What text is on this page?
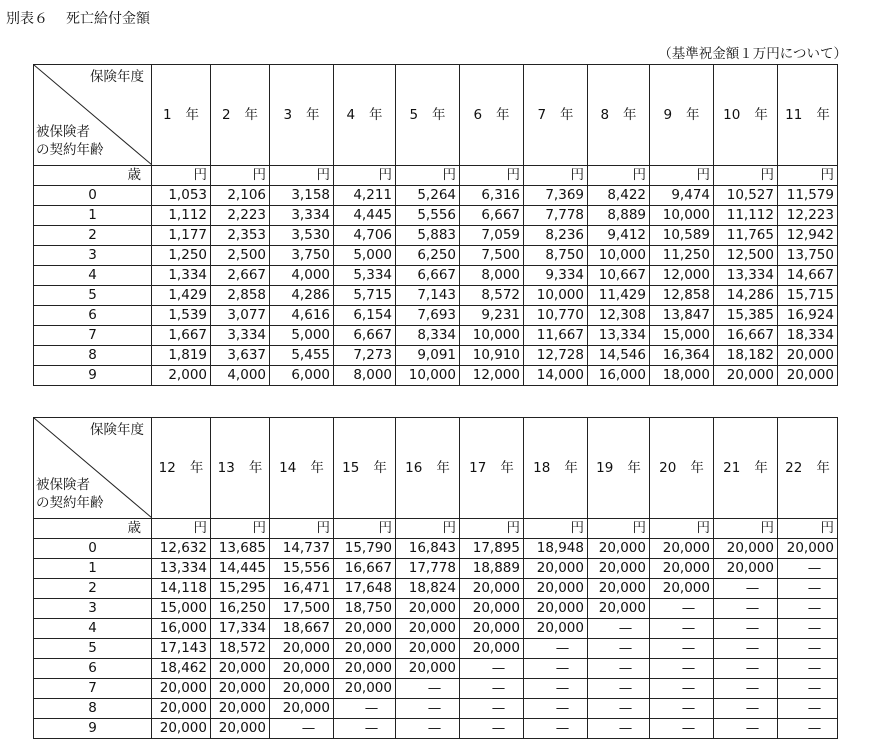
別表６ 死亡給付金額
（基準祝金額１万円について）
保険年度
被保険者
の契約年齢	1 年	2 年	3 年	4 年	5 年	6 年	7 年	8 年	9 年	10 年	11 年
歳	円	円	円	円	円	円	円	円	円	円	円
0	1,053	2,106	3,158	4,211	5,264	6,316	7,369	8,422	9,474	10,527	11,579
1	1,112	2,223	3,334	4,445	5,556	6,667	7,778	8,889	10,000	11,112	12,223
2	1,177	2,353	3,530	4,706	5,883	7,059	8,236	9,412	10,589	11,765	12,942
3	1,250	2,500	3,750	5,000	6,250	7,500	8,750	10,000	11,250	12,500	13,750
4	1,334	2,667	4,000	5,334	6,667	8,000	9,334	10,667	12,000	13,334	14,667
5	1,429	2,858	4,286	5,715	7,143	8,572	10,000	11,429	12,858	14,286	15,715
6	1,539	3,077	4,616	6,154	7,693	9,231	10,770	12,308	13,847	15,385	16,924
7	1,667	3,334	5,000	6,667	8,334	10,000	11,667	13,334	15,000	16,667	18,334
8	1,819	3,637	5,455	7,273	9,091	10,910	12,728	14,546	16,364	18,182	20,000
9	2,000	4,000	6,000	8,000	10,000	12,000	14,000	16,000	18,000	20,000	20,000
保険年度
被保険者
の契約年齢	12 年	13 年	14 年	15 年	16 年	17 年	18 年	19 年	20 年	21 年	22 年
歳	円	円	円	円	円	円	円	円	円	円	円
0	12,632	13,685	14,737	15,790	16,843	17,895	18,948	20,000	20,000	20,000	20,000
1	13,334	14,445	15,556	16,667	17,778	18,889	20,000	20,000	20,000	20,000	—
2	14,118	15,295	16,471	17,648	18,824	20,000	20,000	20,000	20,000	—	—
3	15,000	16,250	17,500	18,750	20,000	20,000	20,000	20,000	—	—	—
4	16,000	17,334	18,667	20,000	20,000	20,000	20,000	—	—	—	—
5	17,143	18,572	20,000	20,000	20,000	20,000	—	—	—	—	—
6	18,462	20,000	20,000	20,000	20,000	—	—	—	—	—	—
7	20,000	20,000	20,000	20,000	—	—	—	—	—	—	—
8	20,000	20,000	20,000	—	—	—	—	—	—	—	—
9	20,000	20,000	—	—	—	—	—	—	—	—	—
